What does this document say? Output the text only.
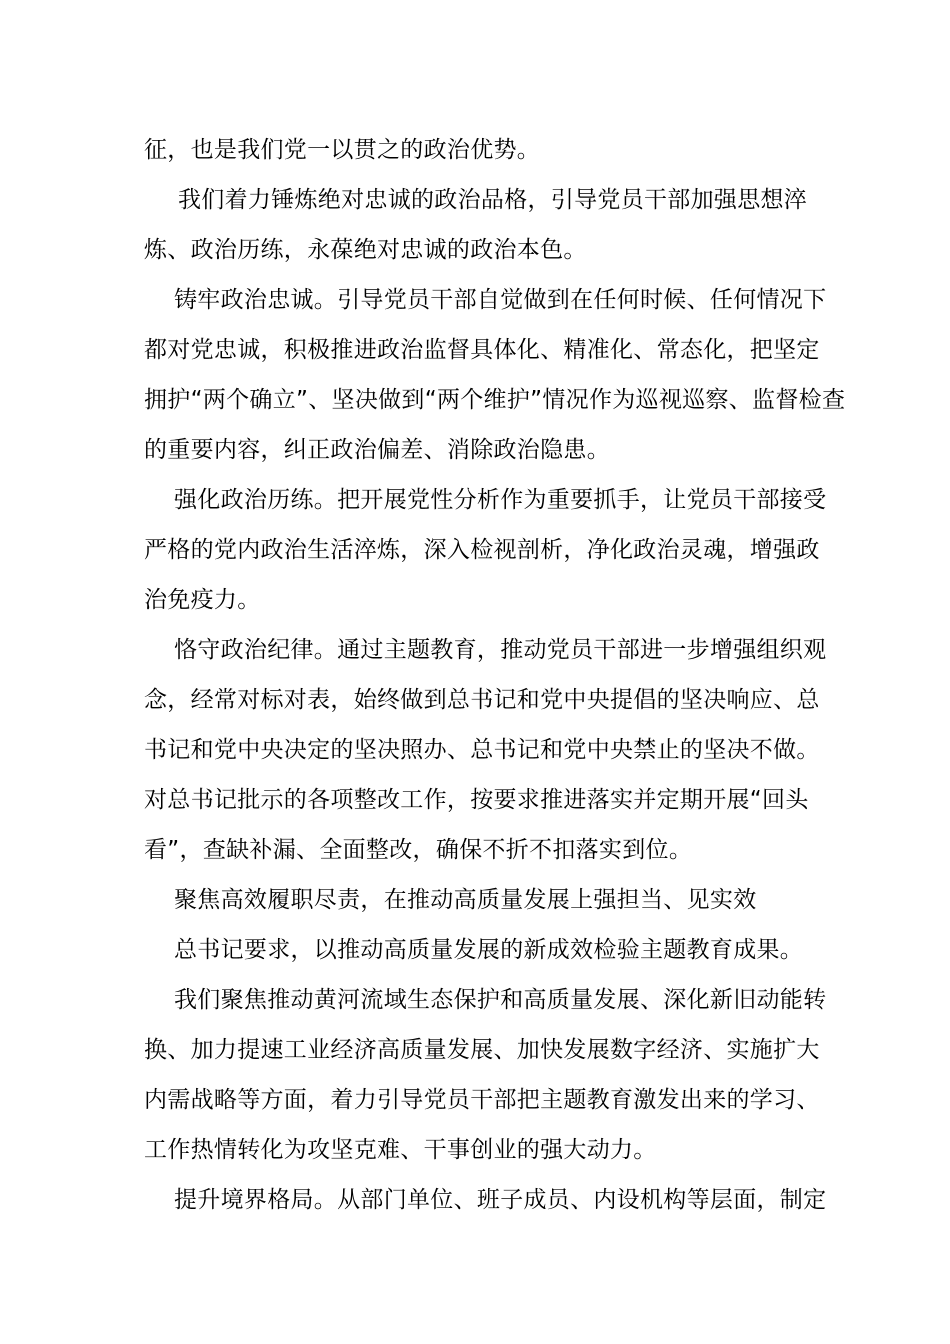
征，也是我们党一以贯之的政治优势。
我们着力锤炼绝对忠诚的政治品格，引导党员干部加强思想淬
炼、政治历练，永葆绝对忠诚的政治本色。
铸牢政治忠诚。引导党员干部自觉做到在任何时候、任何情况下
都对党忠诚，积极推进政治监督具体化、精准化、常态化，把坚定
拥护“两个确立”、坚决做到“两个维护”情况作为巡视巡察、监督检查
的重要内容，纠正政治偏差、消除政治隐患。
强化政治历练。把开展党性分析作为重要抓手，让党员干部接受
严格的党内政治生活淬炼，深入检视剖析，净化政治灵魂，增强政
治免疫力。
恪守政治纪律。通过主题教育，推动党员干部进一步增强组织观
念，经常对标对表，始终做到总书记和党中央提倡的坚决响应、总
书记和党中央决定的坚决照办、总书记和党中央禁止的坚决不做。
对总书记批示的各项整改工作，按要求推进落实并定期开展“回头
看”，查缺补漏、全面整改，确保不折不扣落实到位。
聚焦高效履职尽责，在推动高质量发展上强担当、见实效
总书记要求，以推动高质量发展的新成效检验主题教育成果。
我们聚焦推动黄河流域生态保护和高质量发展、深化新旧动能转
换、加力提速工业经济高质量发展、加快发展数字经济、实施扩大
内需战略等方面，着力引导党员干部把主题教育激发出来的学习、
工作热情转化为攻坚克难、干事创业的强大动力。
提升境界格局。从部门单位、班子成员、内设机构等层面，制定
